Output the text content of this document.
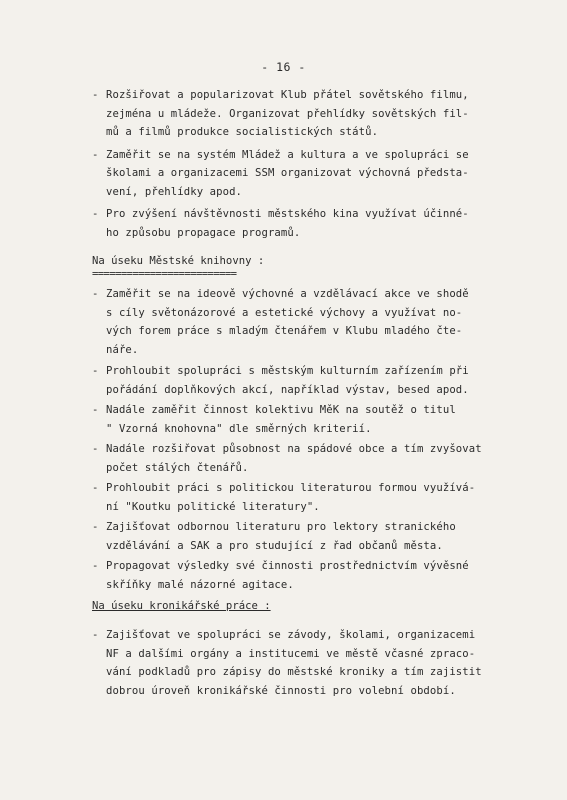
- 16 -
- Rozšiřovat a popularizovat Klub přátel sovětského filmu,
zejména u mládeže. Organizovat přehlídky sovětských fil-
mů a filmů produkce socialistických států.
- Zaměřit se na systém Mládež a kultura a ve spolupráci se
školami a organizacemi SSM organizovat výchovná předsta-
vení, přehlídky apod.
- Pro zvýšení návštěvnosti městského kina využívat účinné-
ho způsobu propagace programů.
Na úseku Městské knihovny :
=========================
- Zaměřit se na ideově výchovné a vzdělávací akce ve shodě
s cíly světonázorové a estetické výchovy a využívat no-
vých forem práce s mladým čtenářem v Klubu mladého čte-
náře.
- Prohloubit spolupráci s městským kulturním zařízením při
pořádání doplňkových akcí, například výstav, besed apod.
- Nadále zaměřit činnost kolektivu MěK na soutěž o titul
" Vzorná knohovna" dle směrných kriterií.
- Nadále rozšiřovat působnost na spádové obce a tím zvyšovat
počet stálých čtenářů.
- Prohloubit práci s politickou literaturou formou využívá-
ní "Koutku politické literatury".
- Zajišťovat odbornou literaturu pro lektory stranického
vzdělávání a SAK a pro studující z řad občanů města.
- Propagovat výsledky své činnosti prostřednictvím vývěsné
skříňky malé názorné agitace.
Na úseku kronikářské práce :
- Zajišťovat ve spolupráci se závody, školami, organizacemi
NF a dalšími orgány a institucemi ve městě včasné zpraco-
vání podkladů pro zápisy do městské kroniky a tím zajistit
dobrou úroveň kronikářské činnosti pro volební období.
